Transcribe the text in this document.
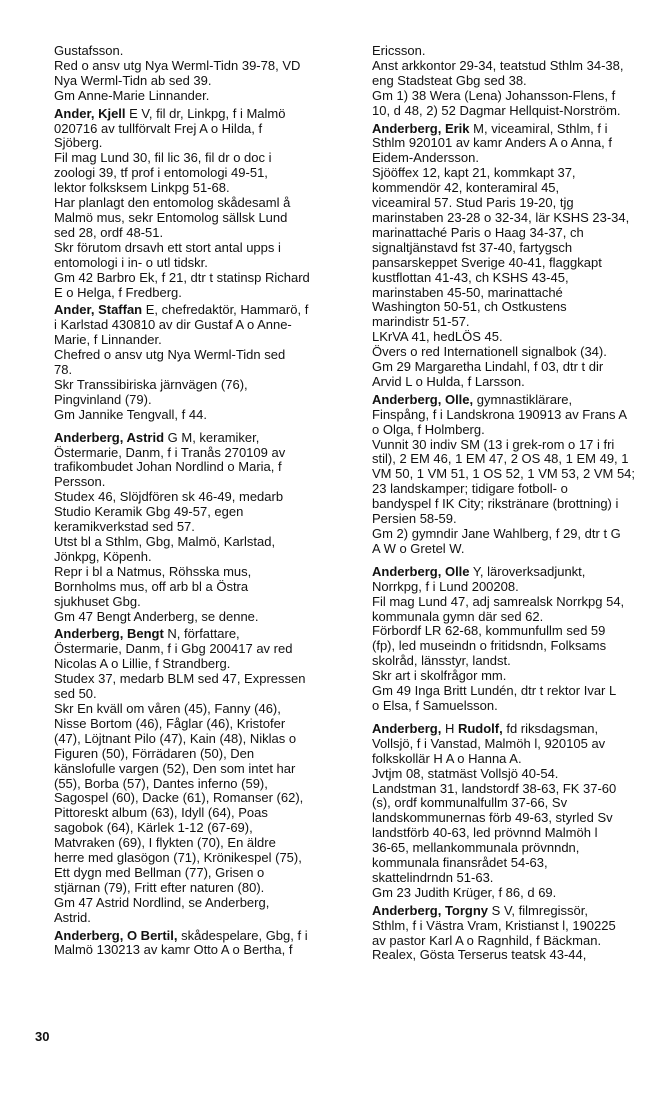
Gustafsson.
Red o ansv utg Nya Werml-Tidn 39-78, VD
Nya Werml-Tidn ab sed 39.
Gm Anne-Marie Linnander.
Ander, Kjell E V, fil dr, Linkpg, f i Malmö
020716 av tullförvalt Frej A o Hilda, f
Sjöberg.
Fil mag Lund 30, fil lic 36, fil dr o doc i
zoologi 39, tf prof i entomologi 49-51,
lektor folksksem Linkpg 51-68.
Har planlagt den entomolog skådesaml å
Malmö mus, sekr Entomolog sällsk Lund
sed 28, ordf 48-51.
Skr förutom drsavh ett stort antal upps i
entomologi i in- o utl tidskr.
Gm 42 Barbro Ek, f 21, dtr t statinsp Richard
E o Helga, f Fredberg.
Ander, Staffan E, chefredaktör, Hammarö, f
i Karlstad 430810 av dir Gustaf A o Anne-
Marie, f Linnander.
Chefred o ansv utg Nya Werml-Tidn sed
78.
Skr Transsibiriska järnvägen (76),
Pingvinland (79).
Gm Jannike Tengvall, f 44.
Anderberg, Astrid G M, keramiker,
Östermarie, Danm, f i Tranås 270109 av
trafikombudet Johan Nordlind o Maria, f
Persson.
Studex 46, Slöjdfören sk 46-49, medarb
Studio Keramik Gbg 49-57, egen
keramikverkstad sed 57.
Utst bl a Sthlm, Gbg, Malmö, Karlstad,
Jönkpg, Köpenh.
Repr i bl a Natmus, Röhsska mus,
Bornholms mus, off arb bl a Östra
sjukhuset Gbg.
Gm 47 Bengt Anderberg, se denne.
Anderberg, Bengt N, författare,
Östermarie, Danm, f i Gbg 200417 av red
Nicolas A o Lillie, f Strandberg.
Studex 37, medarb BLM sed 47, Expressen
sed 50.
Skr En kväll om våren (45), Fanny (46),
Nisse Bortom (46), Fåglar (46), Kristofer
(47), Löjtnant Pilo (47), Kain (48), Niklas o
Figuren (50), Förrädaren (50), Den
känslofulle vargen (52), Den som intet har
(55), Borba (57), Dantes inferno (59),
Sagospel (60), Dacke (61), Romanser (62),
Pittoreskt album (63), Idyll (64), Poas
sagobok (64), Kärlek 1-12 (67-69),
Matvraken (69), I flykten (70), En äldre
herre med glasögon (71), Krönikespel (75),
Ett dygn med Bellman (77), Grisen o
stjärnan (79), Fritt efter naturen (80).
Gm 47 Astrid Nordlind, se Anderberg,
Astrid.
Anderberg, O Bertil, skådespelare, Gbg, f i
Malmö 130213 av kamr Otto A o Bertha, f
Ericsson.
Anst arkkontor 29-34, teatstud Sthlm 34-38,
eng Stadsteat Gbg sed 38.
Gm 1) 38 Wera (Lena) Johansson-Flens, f
10, d 48, 2) 52 Dagmar Hellquist-Norström.
Anderberg, Erik M, viceamiral, Sthlm, f i
Sthlm 920101 av kamr Anders A o Anna, f
Eidem-Andersson.
Sjööffex 12, kapt 21, kommkapt 37,
kommendör 42, konteramiral 45,
viceamiral 57. Stud Paris 19-20, tjg
marinstaben 23-28 o 32-34, lär KSHS 23-34,
marinattaché Paris o Haag 34-37, ch
signaltjänstavd fst 37-40, fartygsch
pansarskeppet Sverige 40-41, flaggkapt
kustflottan 41-43, ch KSHS 43-45,
marinstaben 45-50, marinattaché
Washington 50-51, ch Ostkustens
marindistr 51-57.
LKrVA 41, hedLÖS 45.
Övers o red Internationell signalbok (34).
Gm 29 Margaretha Lindahl, f 03, dtr t dir
Arvid L o Hulda, f Larsson.
Anderberg, Olle, gymnastiklärare,
Finspång, f i Landskrona 190913 av Frans A
o Olga, f Holmberg.
Vunnit 30 indiv SM (13 i grek-rom o 17 i fri
stil), 2 EM 46, 1 EM 47, 2 OS 48, 1 EM 49, 1
VM 50, 1 VM 51, 1 OS 52, 1 VM 53, 2 VM 54;
23 landskamper; tidigare fotboll- o
bandyspel f IK City; rikstränare (brottning) i
Persien 58-59.
Gm 2) gymndir Jane Wahlberg, f 29, dtr t G
A W o Gretel W.
Anderberg, Olle Y, läroverksadjunkt,
Norrkpg, f i Lund 200208.
Fil mag Lund 47, adj samrealsk Norrkpg 54,
kommunala gymn där sed 62.
Förbordf LR 62-68, kommunfullm sed 59
(fp), led museindn o fritidsndn, Folksams
skolråd, länsstyr, landst.
Skr art i skolfrågor mm.
Gm 49 Inga Britt Lundén, dtr t rektor Ivar L
o Elsa, f Samuelsson.
Anderberg, H Rudolf, fd riksdagsman,
Vollsjö, f i Vanstad, Malmöh l, 920105 av
folkskollär H A o Hanna A.
Jvtjm 08, statmäst Vollsjö 40-54.
Landstman 31, landstordf 38-63, FK 37-60
(s), ordf kommunalfullm 37-66, Sv
landskommunernas förb 49-63, styrled Sv
landstförb 40-63, led prövnnd Malmöh l
36-65, mellankommunala prövnndn,
kommunala finansrådet 54-63,
skattelindrndn 51-63.
Gm 23 Judith Krüger, f 86, d 69.
Anderberg, Torgny S V, filmregissör,
Sthlm, f i Västra Vram, Kristianst l, 190225
av pastor Karl A o Ragnhild, f Bäckman.
Realex, Gösta Terserus teatsk 43-44,
30
